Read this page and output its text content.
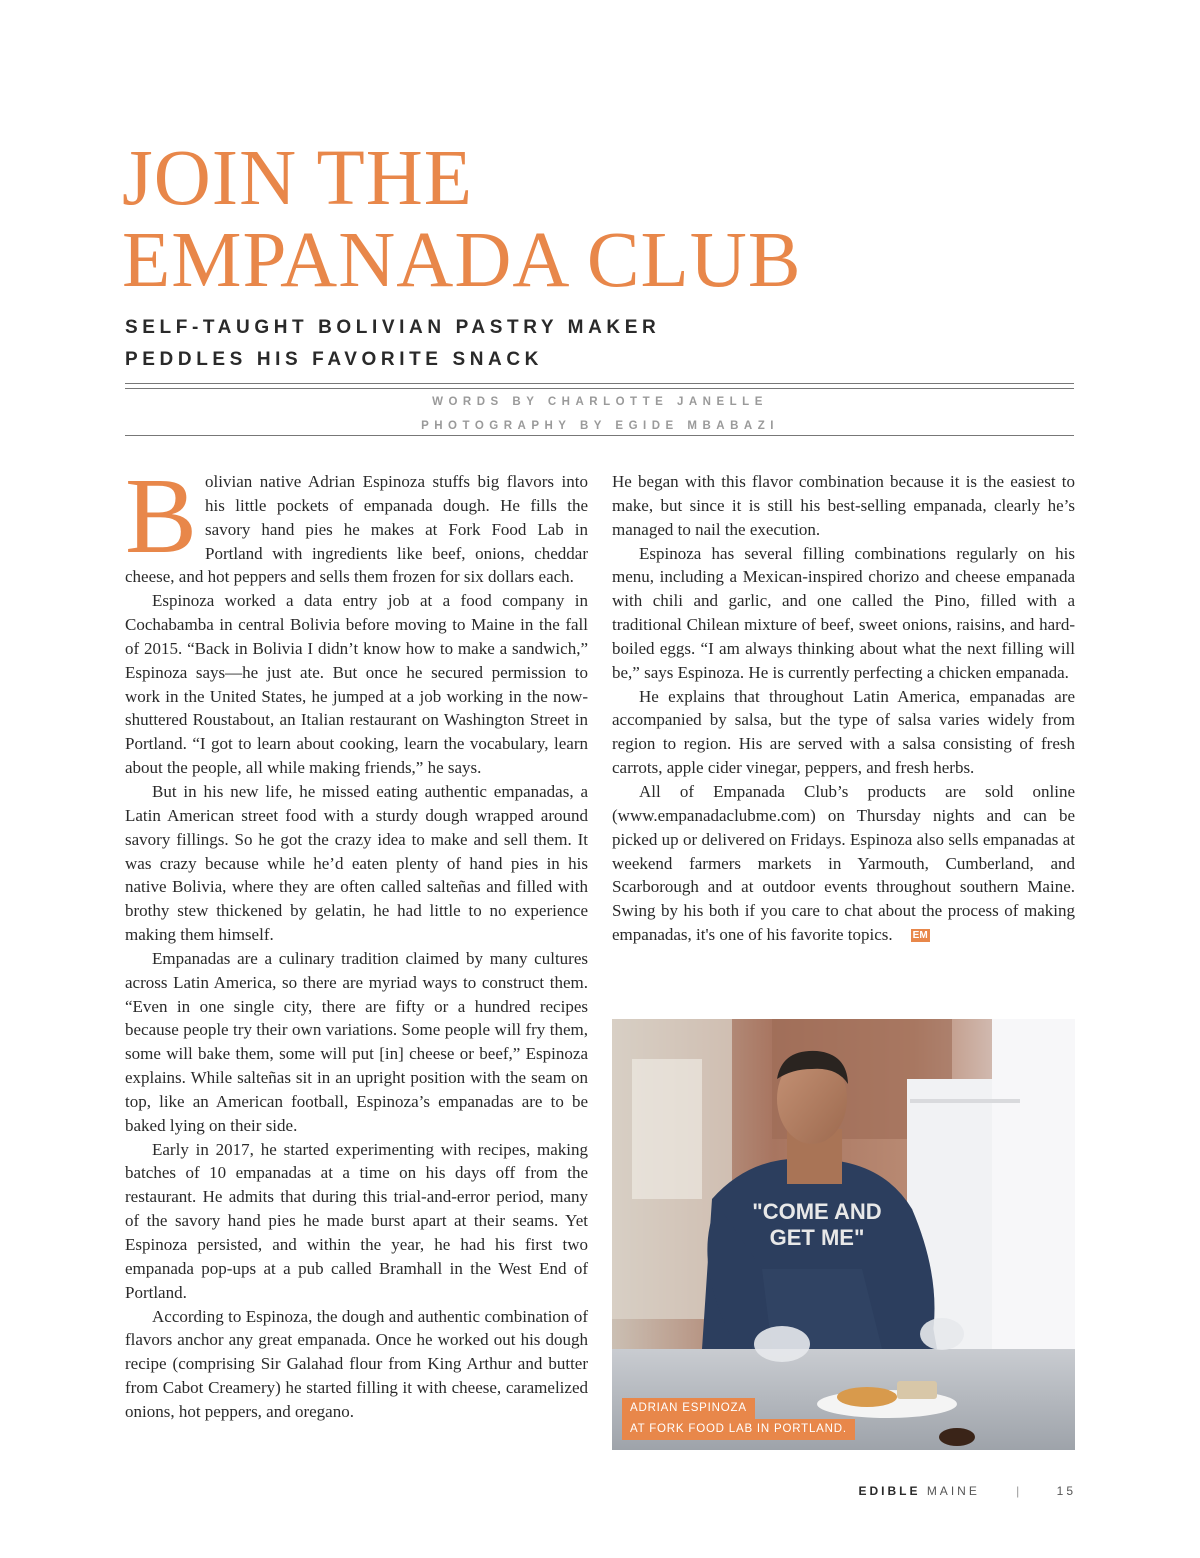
JOIN THE
EMPANADA CLUB
SELF-TAUGHT BOLIVIAN PASTRY MAKER
PEDDLES HIS FAVORITE SNACK
WORDS BY CHARLOTTE JANELLE
PHOTOGRAPHY BY EGIDE MBABAZI

Bolivian native Adrian Espinoza stuffs big flavors into his little pockets of empanada dough. He fills the savory hand pies he makes at Fork Food Lab in Portland with ingredients like beef, onions, cheddar cheese, and hot peppers and sells them frozen for six dollars each.

Espinoza worked a data entry job at a food company in Cochabamba in central Bolivia before moving to Maine in the fall of 2015. “Back in Bolivia I didn’t know how to make a sandwich,” Espinoza says—he just ate. But once he secured permission to work in the United States, he jumped at a job working in the now-shuttered Roustabout, an Italian restaurant on Washington Street in Portland. “I got to learn about cooking, learn the vocabulary, learn about the people, all while making friends,” he says.

But in his new life, he missed eating authentic empanadas, a Latin American street food with a sturdy dough wrapped around savory fillings. So he got the crazy idea to make and sell them. It was crazy because while he’d eaten plenty of hand pies in his native Bolivia, where they are often called salteñas and filled with brothy stew thickened by gelatin, he had little to no experience making them himself.

Empanadas are a culinary tradition claimed by many cultures across Latin America, so there are myriad ways to construct them. “Even in one single city, there are fifty or a hundred recipes because people try their own variations. Some people will fry them, some will bake them, some will put [in] cheese or beef,” Espinoza explains. While salteñas sit in an upright position with the seam on top, like an American football, Espinoza’s empanadas are to be baked lying on their side.

Early in 2017, he started experimenting with recipes, making batches of 10 empanadas at a time on his days off from the restaurant. He admits that during this trial-and-error period, many of the savory hand pies he made burst apart at their seams. Yet Espinoza persisted, and within the year, he had his first two empanada pop-ups at a pub called Bramhall in the West End of Portland.

According to Espinoza, the dough and authentic combination of flavors anchor any great empanada. Once he worked out his dough recipe (comprising Sir Galahad flour from King Arthur and butter from Cabot Creamery) he started filling it with cheese, caramelized onions, hot peppers, and oregano.

He began with this flavor combination because it is the easiest to make, but since it is still his best-selling empanada, clearly he’s managed to nail the execution.

Espinoza has several filling combinations regularly on his menu, including a Mexican-inspired chorizo and cheese empanada with chili and garlic, and one called the Pino, filled with a traditional Chilean mixture of beef, sweet onions, raisins, and hard-boiled eggs. “I am always thinking about what the next filling will be,” says Espinoza. He is currently perfecting a chicken empanada.

He explains that throughout Latin America, empanadas are accompanied by salsa, but the type of salsa varies widely from region to region. His are served with a salsa consisting of fresh carrots, apple cider vinegar, peppers, and fresh herbs.

All of Empanada Club’s products are sold online (www.empanadaclubme.com) on Thursday nights and can be picked up or delivered on Fridays. Espinoza also sells empanadas at weekend farmers markets in Yarmouth, Cumberland, and Scarborough and at outdoor events throughout southern Maine. Swing by his both if you care to chat about the process of making empanadas, it's one of his favorite topics. EM

"COME AND
GET ME"
ADRIAN ESPINOZA
AT FORK FOOD LAB IN PORTLAND.
EDIBLE MAINE	|	15
